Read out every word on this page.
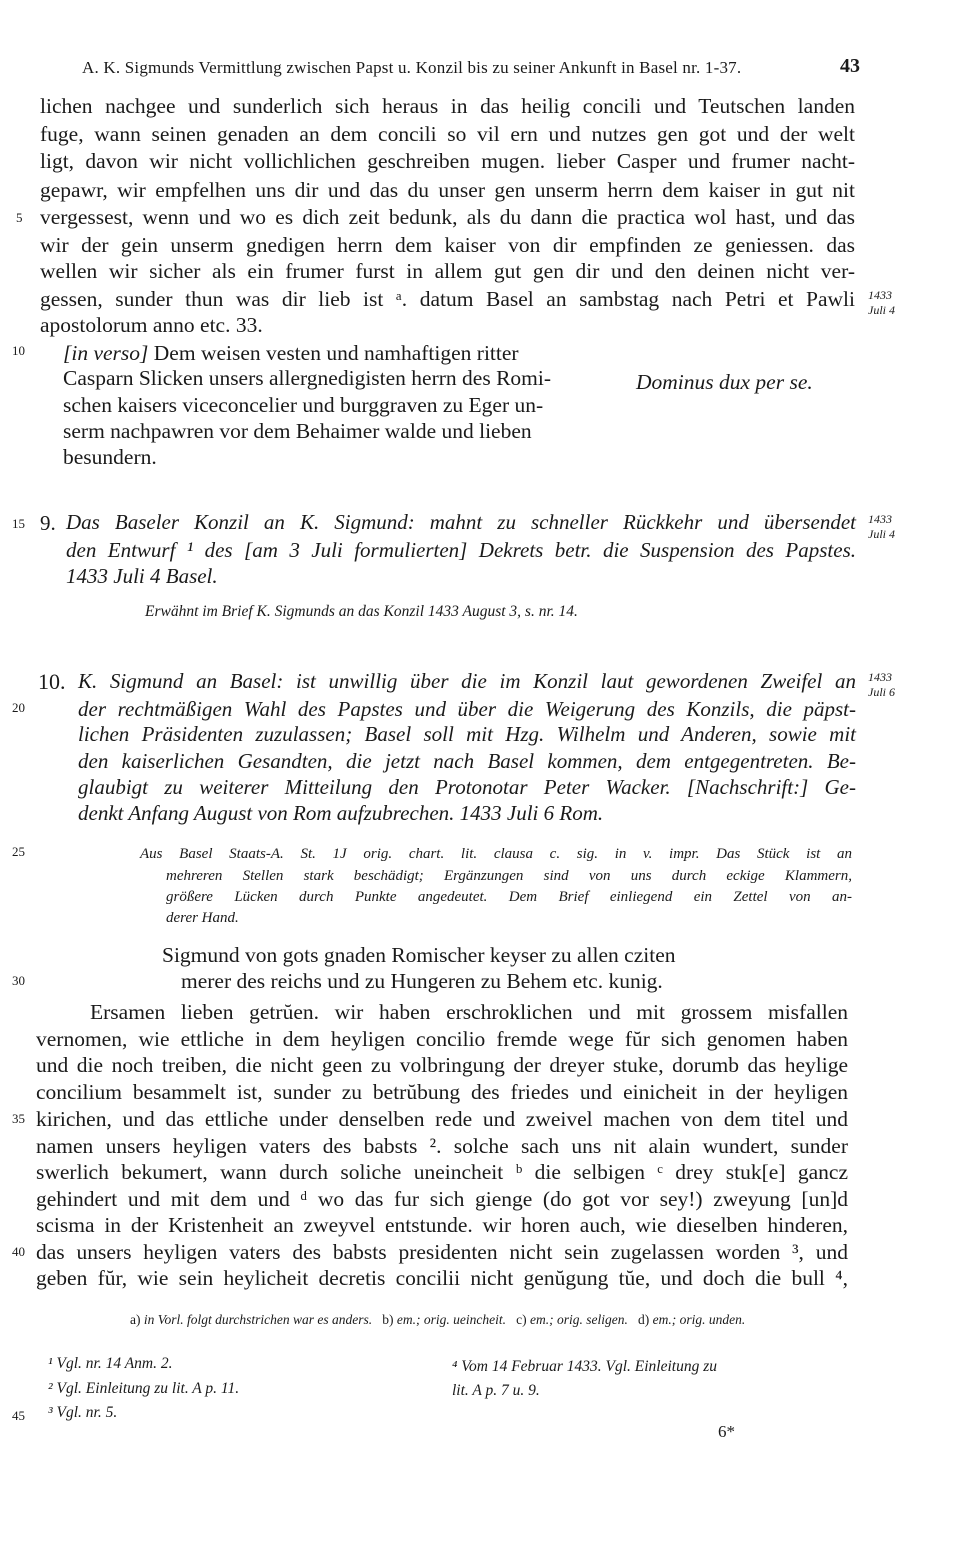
A. K. Sigmunds Vermittlung zwischen Papst u. Konzil bis zu seiner Ankunft in Basel nr. 1-37.	43
lichen nachgee und sunderlich sich heraus in das heilig concili und Teutschen landen
fuge, wann seinen genaden an dem concili so vil ern und nutzes gen got und der welt
ligt, davon wir nicht vollichlichen geschreiben mugen. lieber Casper und frumer nacht-
gepawr, wir empfelhen uns dir und das du unser gen unserm herrn dem kaiser in gut nit
vergessest, wenn und wo es dich zeit bedunk, als du dann die practica wol hast, und das
wir der gein unserm gnedigen herrn dem kaiser von dir empfinden ze geniessen. das
wellen wir sicher als ein frumer furst in allem gut gen dir und den deinen nicht ver-
gessen, sunder thun was dir lieb ist ᵃ. datum Basel an sambstag nach Petri et Pawli
apostolorum anno etc. 33.
1433
Juli 4
[in verso] Dem weisen vesten und namhaftigen ritter
Casparn Slicken unsers allergnedigisten herrn des Romi-
schen kaisers viceconcelier und burggraven zu Eger un-
serm nachpawren vor dem Behaimer walde und lieben
besundern.
Dominus dux per se.
9. Das Baseler Konzil an K. Sigmund: mahnt zu schneller Rückkehr und übersendet
den Entwurf ¹ des [am 3 Juli formulierten] Dekrets betr. die Suspension des Papstes.
1433 Juli 4 Basel.
Erwähnt im Brief K. Sigmunds an das Konzil 1433 August 3, s. nr. 14.
1433
Juli 4
10. K. Sigmund an Basel: ist unwillig über die im Konzil laut gewordenen Zweifel an
der rechtmäßigen Wahl des Papstes und über die Weigerung des Konzils, die päpst-
lichen Präsidenten zuzulassen; Basel soll mit Hzg. Wilhelm und Anderen, sowie mit
den kaiserlichen Gesandten, die jetzt nach Basel kommen, dem entgegentreten. Be-
glaubigt zu weiterer Mitteilung den Protonotar Peter Wacker. [Nachschrift:] Ge-
denkt Anfang August von Rom aufzubrechen. 1433 Juli 6 Rom.
1433
Juli 6
Aus Basel Staats-A. St. 1J orig. chart. lit. clausa c. sig. in v. impr. Das Stück ist an
mehreren Stellen stark beschädigt; Ergänzungen sind von uns durch eckige Klammern,
größere Lücken durch Punkte angedeutet. Dem Brief einliegend ein Zettel von an-
derer Hand.
Sigmund von gots gnaden Romischer keyser zu allen cziten
merer des reichs und zu Hungeren zu Behem etc. kunig.
Ersamen lieben getrŭen. wir haben erschroklichen und mit grossem misfallen
vernomen, wie ettliche in dem heyligen concilio fremde wege fŭr sich genomen haben
und die noch treiben, die nicht geen zu volbringung der dreyer stuke, dorumb das heylige
concilium besammelt ist, sunder zu betrŭbung des friedes und einicheit in der heyligen
kirichen, und das ettliche under denselben rede und zweivel machen von dem titel und
namen unsers heyligen vaters des babsts ². solche sach uns nit alain wundert, sunder
swerlich bekumert, wann durch soliche uneincheit ᵇ die selbigen ᶜ drey stuk[e] gancz
gehindert und mit dem und ᵈ wo das fur sich gienge (do got vor sey!) zweyung [un]d
scisma in der Kristenheit an zweyvel entstunde. wir horen auch, wie dieselben hinderen,
das unsers heyligen vaters des babsts presidenten nicht sein zugelassen worden ³, und
geben fŭr, wie sein heylicheit decretis concilii nicht genŭgung tŭe, und doch die bull ⁴,
a) in Vorl. folgt durchstrichen war es anders. b) em.; orig. ueincheit. c) em.; orig. seligen. d) em.; orig. unden.
¹ Vgl. nr. 14 Anm. 2.
² Vgl. Einleitung zu lit. A p. 11.
³ Vgl. nr. 5.
⁴ Vom 14 Februar 1433. Vgl. Einleitung zu
lit. A p. 7 u. 9.
6*
5
10
15
20
25
30
35
40
45
